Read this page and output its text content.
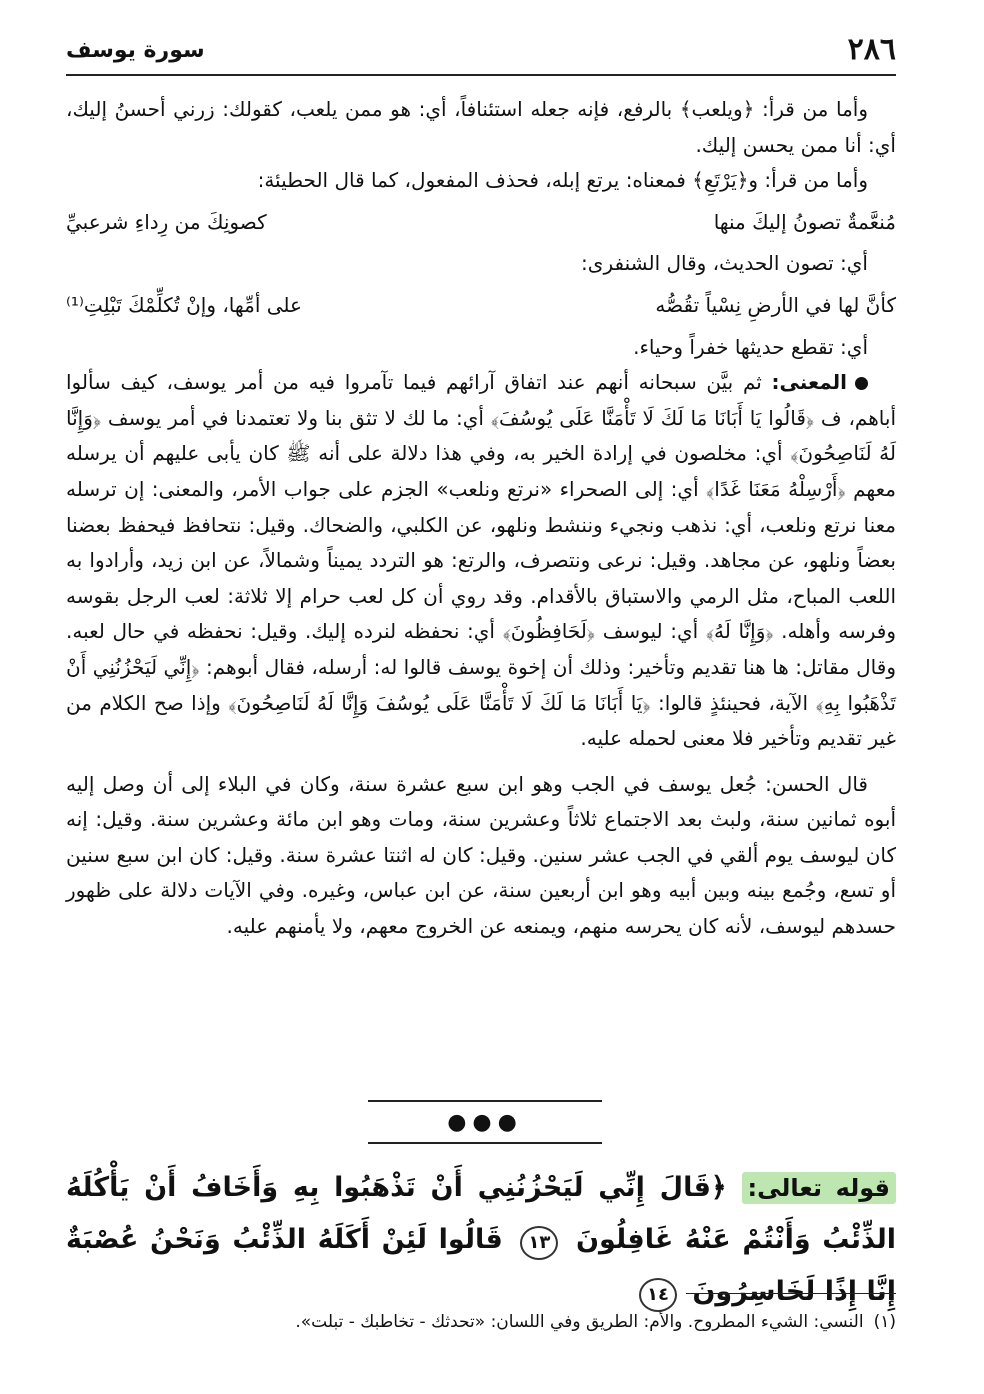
٢٨٦
سورة يوسف

وأما من قرأ: ﴿ويلعب﴾ بالرفع، فإنه جعله استئنافاً، أي: هو ممن يلعب، كقولك: زرني أحسنُ إليك، أي: أنا ممن يحسن إليك.

وأما من قرأ: و﴿يَرْتَعِ﴾ فمعناه: يرتع إبله، فحذف المفعول، كما قال الحطيئة:

مُنعَّمةٌ تصونُ إليكَ منها
كصونِكَ من رِداءِ شرعبيِّ

أي: تصون الحديث، وقال الشنفرى:

كأنَّ لها في الأرضِ نِسْياً تقُصُّه
على أمِّها، وإنْ تُكلِّمْكَ تَبْلِتِ⁽¹⁾

أي: تقطع حديثها خفراً وحياء.

المعنى: ثم بيَّن سبحانه أنهم عند اتفاق آرائهم فيما تآمروا فيه من أمر يوسف، كيف سألوا أباهم، ف ﴿قَالُوا يَا أَبَانَا مَا لَكَ لَا تَأْمَنَّا عَلَى يُوسُفَ﴾ أي: ما لك لا تثق بنا ولا تعتمدنا في أمر يوسف ﴿وَإِنَّا لَهُ لَنَاصِحُونَ﴾ أي: مخلصون في إرادة الخير به، وفي هذا دلالة على أنه ﷺ كان يأبى عليهم أن يرسله معهم ﴿أَرْسِلْهُ مَعَنَا غَدًا﴾ أي: إلى الصحراء «نرتع ونلعب» الجزم على جواب الأمر، والمعنى: إن ترسله معنا نرتع ونلعب، أي: نذهب ونجيء وننشط ونلهو، عن الكلبي، والضحاك. وقيل: نتحافظ فيحفظ بعضنا بعضاً ونلهو، عن مجاهد. وقيل: نرعى ونتصرف، والرتع: هو التردد يميناً وشمالاً، عن ابن زيد، وأرادوا به اللعب المباح، مثل الرمي والاستباق بالأقدام. وقد روي أن كل لعب حرام إلا ثلاثة: لعب الرجل بقوسه وفرسه وأهله. ﴿وَإِنَّا لَهُ﴾ أي: ليوسف ﴿لَحَافِظُونَ﴾ أي: نحفظه لنرده إليك. وقيل: نحفظه في حال لعبه. وقال مقاتل: ها هنا تقديم وتأخير: وذلك أن إخوة يوسف قالوا له: أرسله، فقال أبوهم: ﴿إِنِّي لَيَحْزُنُنِي أَنْ تَذْهَبُوا بِهِ﴾ الآية، فحينئذٍ قالوا: ﴿يَا أَبَانَا مَا لَكَ لَا تَأْمَنَّا عَلَى يُوسُفَ وَإِنَّا لَهُ لَنَاصِحُونَ﴾ وإذا صح الكلام من غير تقديم وتأخير فلا معنى لحمله عليه.

قال الحسن: جُعل يوسف في الجب وهو ابن سبع عشرة سنة، وكان في البلاء إلى أن وصل إليه أبوه ثمانين سنة، ولبث بعد الاجتماع ثلاثاً وعشرين سنة، ومات وهو ابن مائة وعشرين سنة. وقيل: إنه كان ليوسف يوم ألقي في الجب عشر سنين. وقيل: كان له اثنتا عشرة سنة. وقيل: كان ابن سبع سنين أو تسع، وجُمع بينه وبين أبيه وهو ابن أربعين سنة، عن ابن عباس، وغيره. وفي الآيات دلالة على ظهور حسدهم ليوسف، لأنه كان يحرسه منهم، ويمنعه عن الخروج معهم، ولا يأمنهم عليه.

●●●
قوله تعالى: ﴿قَالَ إِنِّي لَيَحْزُنُنِي أَنْ تَذْهَبُوا بِهِ وَأَخَافُ أَنْ يَأْكُلَهُ الذِّئْبُ وَأَنْتُمْ عَنْهُ غَافِلُونَ ١٣ قَالُوا لَئِنْ أَكَلَهُ الذِّئْبُ وَنَحْنُ عُصْبَةٌ إِنَّا إِذًا لَخَاسِرُونَ ١٤
(١)النسي: الشيء المطروح. والأم: الطريق وفي اللسان: «تحدثك - تخاطبك - تبلت».
